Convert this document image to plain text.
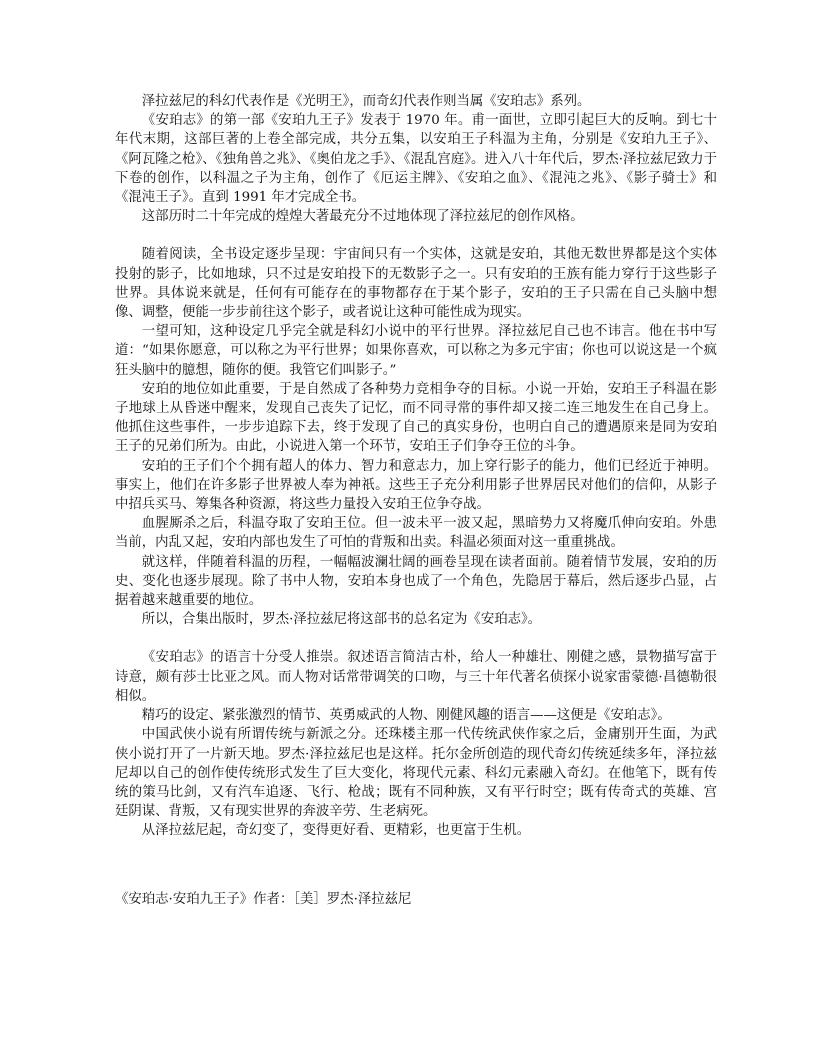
泽拉兹尼的科幻代表作是《光明王》，而奇幻代表作则当属《安珀志》系列。

《安珀志》的第一部《安珀九王子》发表于 1970 年。甫一面世，立即引起巨大的反响。到七十年代末期，这部巨著的上卷全部完成，共分五集，以安珀王子科温为主角，分别是《安珀九王子》、《阿瓦隆之枪》、《独角兽之兆》、《奥伯龙之手》、《混乱宫庭》。进入八十年代后，罗杰·泽拉兹尼致力于下卷的创作，以科温之子为主角，创作了《厄运主牌》、《安珀之血》、《混沌之兆》、《影子骑士》和《混沌王子》。直到 1991 年才完成全书。

这部历时二十年完成的煌煌大著最充分不过地体现了泽拉兹尼的创作风格。

随着阅读，全书设定逐步呈现：宇宙间只有一个实体，这就是安珀，其他无数世界都是这个实体投射的影子，比如地球，只不过是安珀投下的无数影子之一。只有安珀的王族有能力穿行于这些影子世界。具体说来就是，任何有可能存在的事物都存在于某个影子，安珀的王子只需在自己头脑中想像、调整，便能一步步前往这个影子，或者说让这种可能性成为现实。

一望可知，这种设定几乎完全就是科幻小说中的平行世界。泽拉兹尼自己也不讳言。他在书中写道：“如果你愿意，可以称之为平行世界；如果你喜欢，可以称之为多元宇宙；你也可以说这是一个疯狂头脑中的臆想，随你的便。我管它们叫影子。”

安珀的地位如此重要，于是自然成了各种势力竞相争夺的目标。小说一开始，安珀王子科温在影子地球上从昏迷中醒来，发现自己丧失了记忆，而不同寻常的事件却又接二连三地发生在自己身上。他抓住这些事件，一步步追踪下去，终于发现了自己的真实身份，也明白自己的遭遇原来是同为安珀王子的兄弟们所为。由此，小说进入第一个环节，安珀王子们争夺王位的斗争。

安珀的王子们个个拥有超人的体力、智力和意志力，加上穿行影子的能力，他们已经近于神明。事实上，他们在许多影子世界被人奉为神祇。这些王子充分利用影子世界居民对他们的信仰，从影子中招兵买马、筹集各种资源，将这些力量投入安珀王位争夺战。

血腥厮杀之后，科温夺取了安珀王位。但一波未平一波又起，黑暗势力又将魔爪伸向安珀。外患当前，内乱又起，安珀内部也发生了可怕的背叛和出卖。科温必须面对这一重重挑战。

就这样，伴随着科温的历程，一幅幅波澜壮阔的画卷呈现在读者面前。随着情节发展，安珀的历史、变化也逐步展现。除了书中人物，安珀本身也成了一个角色，先隐居于幕后，然后逐步凸显，占据着越来越重要的地位。

所以，合集出版时，罗杰·泽拉兹尼将这部书的总名定为《安珀志》。

《安珀志》的语言十分受人推崇。叙述语言简洁古朴，给人一种雄壮、刚健之感，景物描写富于诗意，颇有莎士比亚之风。而人物对话常带调笑的口吻，与三十年代著名侦探小说家雷蒙德·昌德勒很相似。

精巧的设定、紧张激烈的情节、英勇威武的人物、刚健风趣的语言——这便是《安珀志》。

中国武侠小说有所谓传统与新派之分。还珠楼主那一代传统武侠作家之后，金庸别开生面，为武侠小说打开了一片新天地。罗杰·泽拉兹尼也是这样。托尔金所创造的现代奇幻传统延续多年，泽拉兹尼却以自己的创作使传统形式发生了巨大变化，将现代元素、科幻元素融入奇幻。在他笔下，既有传统的策马比剑，又有汽车追逐、飞行、枪战；既有不同种族，又有平行时空；既有传奇式的英雄、宫廷阴谋、背叛，又有现实世界的奔波辛劳、生老病死。

从泽拉兹尼起，奇幻变了，变得更好看、更精彩，也更富于生机。

《安珀志·安珀九王子》作者：［美］罗杰·泽拉兹尼
